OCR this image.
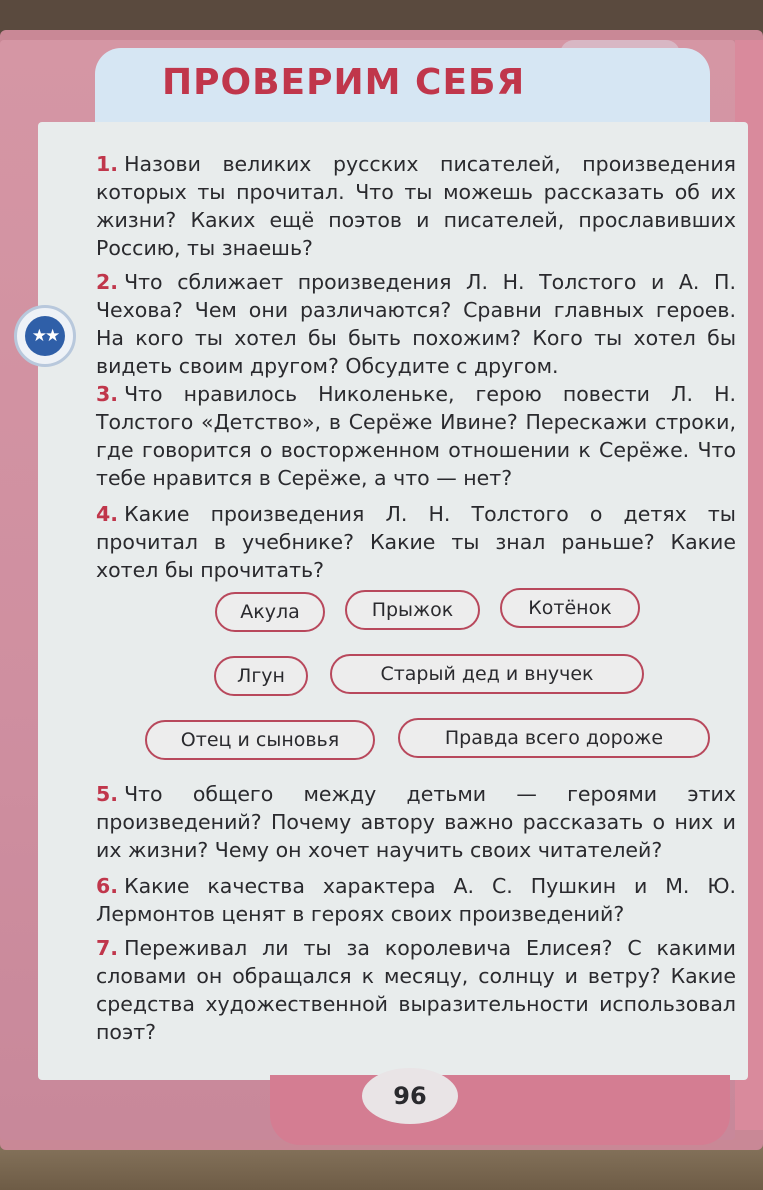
ПРОВЕРИМ СЕБЯ
★★
1. Назови великих русских писателей, произведения которых ты прочитал. Что ты можешь рассказать об их жизни? Каких ещё поэтов и писателей, прославивших Россию, ты знаешь?
2. Что сближает произведения Л. Н. Толстого и А. П. Чехова? Чем они различаются? Сравни главных героев. На кого ты хотел бы быть похожим? Кого ты хотел бы видеть своим другом? Обсудите с другом.
3. Что нравилось Николеньке, герою повести Л. Н. Толстого «Детство», в Серёже Ивине? Перескажи строки, где говорится о восторженном отношении к Серёже. Что тебе нравится в Серёже, а что — нет?
4. Какие произведения Л. Н. Толстого о детях ты прочитал в учебнике? Какие ты знал раньше? Какие хотел бы прочитать?
Акула	Прыжок	Котёнок
Лгун	Старый дед и внучек
Отец и сыновья	Правда всего дороже
5. Что общего между детьми — героями этих произведений? Почему автору важно рассказать о них и их жизни? Чему он хочет научить своих читателей?
6. Какие качества характера А. С. Пушкин и М. Ю. Лермонтов ценят в героях своих произведений?
7. Переживал ли ты за королевича Елисея? С какими словами он обращался к месяцу, солнцу и ветру? Какие средства художественной выразительности использовал поэт?
96
